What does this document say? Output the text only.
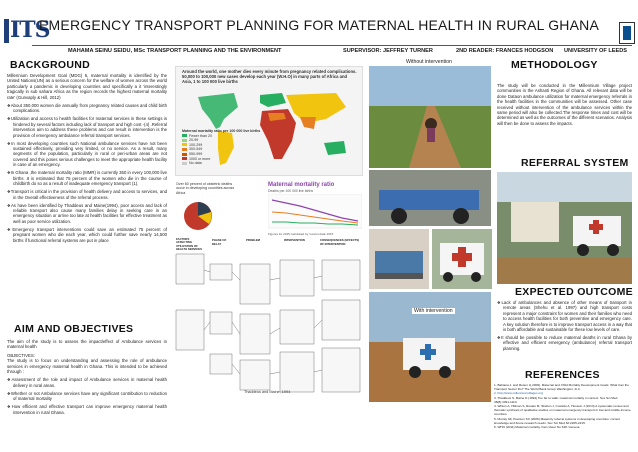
ITS
EMERGENCY TRANSPORT PLANNING FOR MATERNAL HEALTH IN RURAL GHANA
MAHAMA SEINU SEIDU, MSc TRANSPORT PLANNING AND THE ENVIRONMENT	SUPERVISOR: JEFFREY TURNER	2ND READER: FRANCES HODGSON UNIVERSITY OF LEEDS
BACKGROUND

Millennium Development Goal (MDG) 5, maternal mortality is identified by the United Nations(UN) as a serious concern for the welfare of women across the world particularly a pandemic in developing countries and specifically a it 'interestingly tragically in sub sahara Africa as the region records the highest maternal mortality rate' (Gunvaply & Hill, 2012)

❖ About 350,000 women die annually from pregnancy related causes and child birth complications.
❖ Utilization and access to health facilities for maternal services in these settings is hindered by several factors including lack of transport and high cost -(4) .Referral intervention aim to address these problems and can result in intervention is the provision of emergency ambulance referral transport services.
❖ In most developing countries such National ambulance services have not been sustained effectively, providing very limited, or no service. As a result, many segments of the population, particularly in rural or peri-urban areas are not covered and this poses serious challenges to meet the appropriate health facility in case of an emergency.
❖ In Ghana ,the maternal mortality ratio (MMR) is currently 350 in every 100,000 live births .It is estimated that 75 percent of the women who die in the course of childbirth do so as a result of inadequate emergency transport (1).
❖ Transport is critical in the provision of health delivery and access to services, and in the Overall effectiveness of the referral process.
❖ As have been identified by Thaddeus and Maine(1994), poor access and lack of reliable transport also cause many families delay in seeking care in an emergency situation or arrive too late at health facilities for effective treatment as well as poor service utilization.
❖ Emergency transport interventions could save an estimated 75 percent of pregnant women who die each year, which could further save nearly 14,500 births if functional referral systems are put in place
AIM AND OBJECTIVES

The aim of the study is to assess the impact/effect of Ambulance services in maternal health

OBJECTIVES:

The study is to focus on understanding and assessing the role of ambulance services in emergency maternal health in Ghana. This is intended to be achieved through :

❖ Assessment of the role and impact of Ambulance services in maternal health delivery in rural areas.
❖ Whether or not Ambulance services have any significant contribution to reduction of maternal mortality
❖ How efficient and effective transport can improve emergency maternal health intervention in rural Ghana.
Around the world, one mother dies every minute from pregnancy related complications. 50,000 to 100,000 new cases develop each year (W.H.O) in many parts of Africa and Asia, 1 to 100 000 live births
Maternal mortality ratio per 100 000 live births
Fewer than 20
20-99
100-299
300-549
550-999
1000 or more
No data
Over 60 percent of obstetric deaths occur in developing countries across Africa
Maternal mortality ratio
Deaths per 100 000 live births
Figures for 2015 calculated by 'Lancet data' 2015
FACTORS AFFECTING UTILIZATION OF HEALTH SERVICES
PHASE OF DELAY
PROBLEM	INTERVENTION	CONSEQUENCES (EFFECTS) OF INTERVENTION
Thaddeus and Maine, 1994
Without intervention
With intervention
METHODOLOGY
The study will be conducted in the Millennium Village project communities in the Ashanti Region of Ghana. All relevant data will be done Dataon ambulance utilization for maternal emergency referrals in the health facilities in the communities will be assessed. Other case received without intervention of the ambulance services within the same period will also be collected.The response times and cost will be determined as well as the outcomes of the different scenarios. Analysis will then be done to assess the impacts.
REFERRAL SYSTEM
EXPECTED OUTCOME
❖ Lack of ambulances and absence of other means of transport in remote areas (Shehu et al. 1997) and high transport costs represent a major constraint for women and their families who need to access health facilities for both preventive and emergency care. A key solution therefore is to improve transport access in a way that is both affordable and sustainable for these low levels of care.
❖ It should be possible to reduce maternal deaths in rural Ghana by effective and efficient emergency (ambulance) referral transport planning.
REFERENCES
1. Bahiana J. and Reiser J(,2006). Maternal and Child Mortality Development Goals: What Can the Transport Sector Do? The World Bank Group Washington, D.C.
2. http://www.millenniumvillages.org
3. Thaddeus S, Maine D (1994) Too far to walk: maternal mortality in context. Soc Sci Med 38(8):1091-1110.
4. Wilson A, Hillman S, Rosato M, Skelton J, Costello A, Hussein J (2013) A systematic review and thematic synthesis of qualitative studies on maternal emergency transport in low-and middle-income countries.
5. Murray SF, Pearson SC (2006) Maternity referral systems in developing countries: current knowledge and future research needs. Soc Sci Med 62:2205-2215.
6. WHO (2011) Maternal mortality. Fact sheet No 348. Geneva.
